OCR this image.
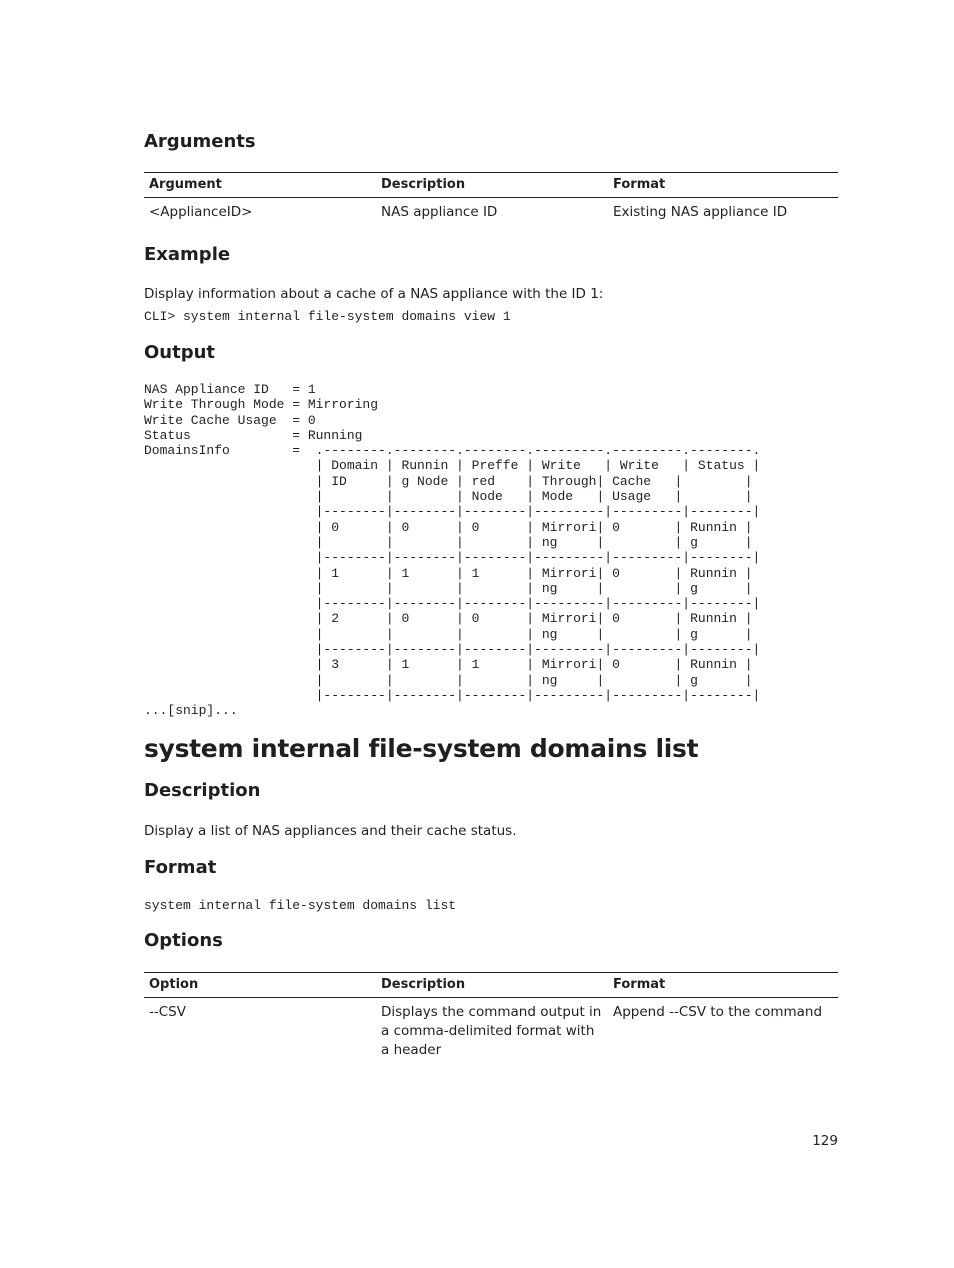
Arguments
Argument	Description	Format
<ApplianceID>	NAS appliance ID	Existing NAS appliance ID
Example

Display information about a cache of a NAS appliance with the ID 1:

CLI> system internal file-system domains view 1
Output
NAS Appliance ID   = 1
Write Through Mode = Mirroring
Write Cache Usage  = 0
Status             = Running
DomainsInfo        =  .--------.--------.--------.---------.---------.--------.
| Domain | Runnin | Preffe | Write   | Write   | Status |
| ID     | g Node | red    | Through| Cache   |        |
|        |        | Node   | Mode   | Usage   |        |
|--------|--------|--------|---------|---------|--------|
| 0      | 0      | 0      | Mirrori| 0       | Runnin |
|        |        |        | ng     |         | g      |
|--------|--------|--------|---------|---------|--------|
| 1      | 1      | 1      | Mirrori| 0       | Runnin |
|        |        |        | ng     |         | g      |
|--------|--------|--------|---------|---------|--------|
| 2      | 0      | 0      | Mirrori| 0       | Runnin |
|        |        |        | ng     |         | g      |
|--------|--------|--------|---------|---------|--------|
| 3      | 1      | 1      | Mirrori| 0       | Runnin |
|        |        |        | ng     |         | g      |
|--------|--------|--------|---------|---------|--------|
...[snip]...
system internal file-system domains list
Description

Display a list of NAS appliances and their cache status.

Format
system internal file-system domains list
Options
Option	Description	Format
--CSV	Displays the command output in a comma-delimited format with a header	Append --CSV to the command

129
